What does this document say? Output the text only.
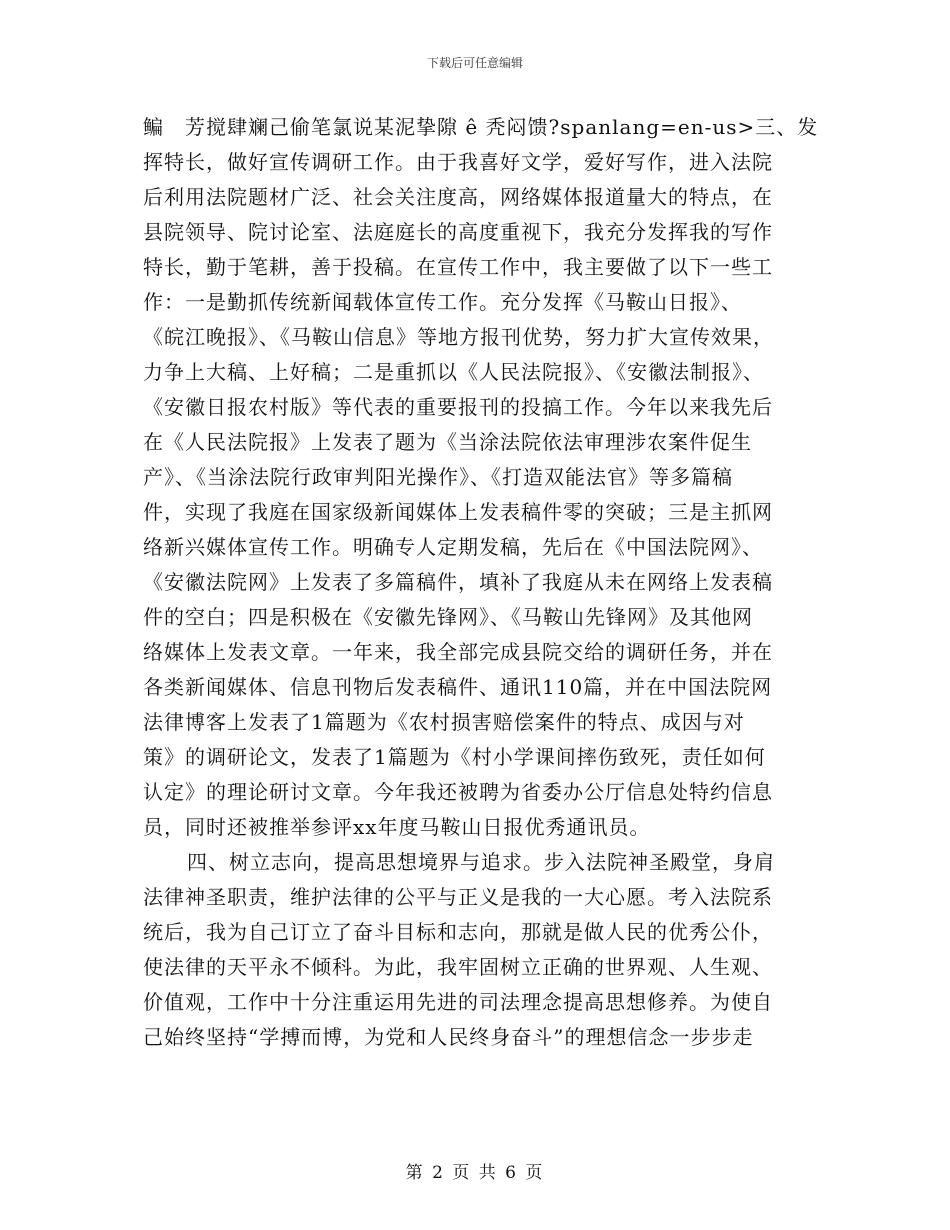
下载后可任意编辑
鳊　芳搅肆斓己偷笔氯说某泥挚隙 ê 秃闷馈?spanlang=en-us>三、发
挥特长，做好宣传调研工作。由于我喜好文学，爱好写作，进入法院
后利用法院题材广泛、社会关注度高，网络媒体报道量大的特点，在
县院领导、院讨论室、法庭庭长的高度重视下，我充分发挥我的写作
特长，勤于笔耕，善于投稿。在宣传工作中，我主要做了以下一些工
作：一是勤抓传统新闻载体宣传工作。充分发挥《马鞍山日报》、
《皖江晚报》、《马鞍山信息》等地方报刊优势，努力扩大宣传效果，
力争上大稿、上好稿；二是重抓以《人民法院报》、《安徽法制报》、
《安徽日报农村版》等代表的重要报刊的投搞工作。今年以来我先后
在《人民法院报》上发表了题为《当涂法院依法审理涉农案件促生
产》、《当涂法院行政审判阳光操作》、《打造双能法官》等多篇稿
件，实现了我庭在国家级新闻媒体上发表稿件零的突破；三是主抓网
络新兴媒体宣传工作。明确专人定期发稿，先后在《中国法院网》、
《安徽法院网》上发表了多篇稿件，填补了我庭从未在网络上发表稿
件的空白；四是积极在《安徽先锋网》、《马鞍山先锋网》及其他网
络媒体上发表文章。一年来，我全部完成县院交给的调研任务，并在
各类新闻媒体、信息刊物后发表稿件、通讯110篇，并在中国法院网
法律博客上发表了1篇题为《农村损害赔偿案件的特点、成因与对
策》的调研论文，发表了1篇题为《村小学课间摔伤致死，责任如何
认定》的理论研讨文章。今年我还被聘为省委办公厅信息处特约信息
员，同时还被推举参评xx年度马鞍山日报优秀通讯员。
四、树立志向，提高思想境界与追求。步入法院神圣殿堂，身肩
法律神圣职责，维护法律的公平与正义是我的一大心愿。考入法院系
统后，我为自己订立了奋斗目标和志向，那就是做人民的优秀公仆，
使法律的天平永不倾科。为此，我牢固树立正确的世界观、人生观、
价值观，工作中十分注重运用先进的司法理念提高思想修养。为使自
己始终坚持“学搏而博，为党和人民终身奋斗”的理想信念一步步走
第 2 页 共 6 页
